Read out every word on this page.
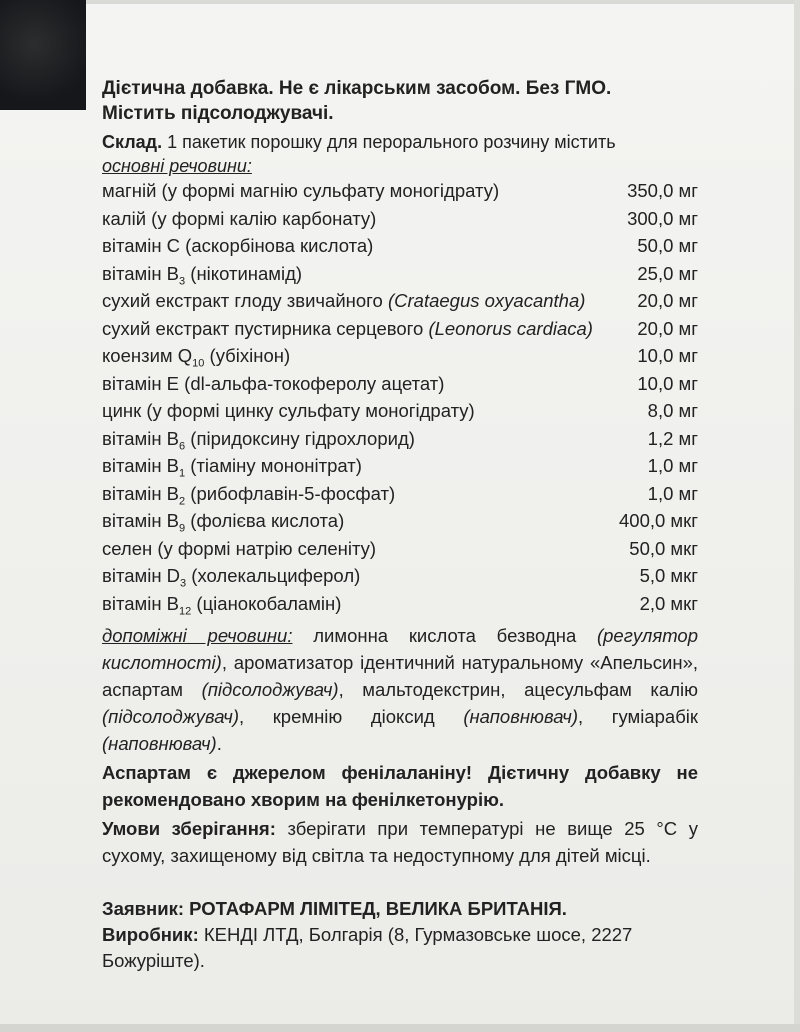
Дієтична добавка. Не є лікарським засобом. Без ГМО.
Містить підсолоджувачі.
Склад. 1 пакетик порошку для перорального розчину містить
основні речовини:
магній (у формі магнію сульфату моногідрату)	350,0 мг
калій (у формі калію карбонату)	300,0 мг
вітамін С (аскорбінова кислота)	50,0 мг
вітамін $В_3$ (нікотинамід)	25,0 мг
сухий екстракт глоду звичайного (Crataegus oxyacantha)	20,0 мг
сухий екстракт пустирника серцевого (Leonorus cardiaca) 20,0 мг
коензим $Q_{10}$ (убіхінон)	10,0 мг
вітамін Е (dl-альфа-токоферолу ацетат)	10,0 мг
цинк (у формі цинку сульфату моногідрату)	8,0 мг
вітамін $В_6$ (піридоксину гідрохлорид)	1,2 мг
вітамін $В_1$ (тіаміну мононітрат)	1,0 мг
вітамін $В_2$ (рибофлавін-5-фосфат)	1,0 мг
вітамін $В_9$ (фолієва кислота)	400,0 мкг
селен (у формі натрію селеніту)	50,0 мкг
вітамін $D_3$ (холекальциферол)	5,0 мкг
вітамін $В_{12}$ (ціанокобаламін)	2,0 мкг
допоміжні речовини: лимонна кислота безводна (регулятор кислотності), ароматизатор ідентичний натуральному «Апельсин», аспартам (підсолоджувач), мальтодекстрин, ацесульфам калію (підсолоджувач), кремнію діоксид (наповнювач), гуміарабік (наповнювач).
Аспартам є джерелом фенілаланіну! Дієтичну добавку не рекомендовано хворим на фенілкетонурію.
Умови зберігання: зберігати при температурі не вище 25 °С у сухому, захищеному від світла та недоступному для дітей місці.
Заявник: РОТАФАРМ ЛІМІТЕД, ВЕЛИКА БРИТАНІЯ.
Виробник: КЕНДІ ЛТД, Болгарія (8, Гурмазовське шосе, 2227 Божуріште).
